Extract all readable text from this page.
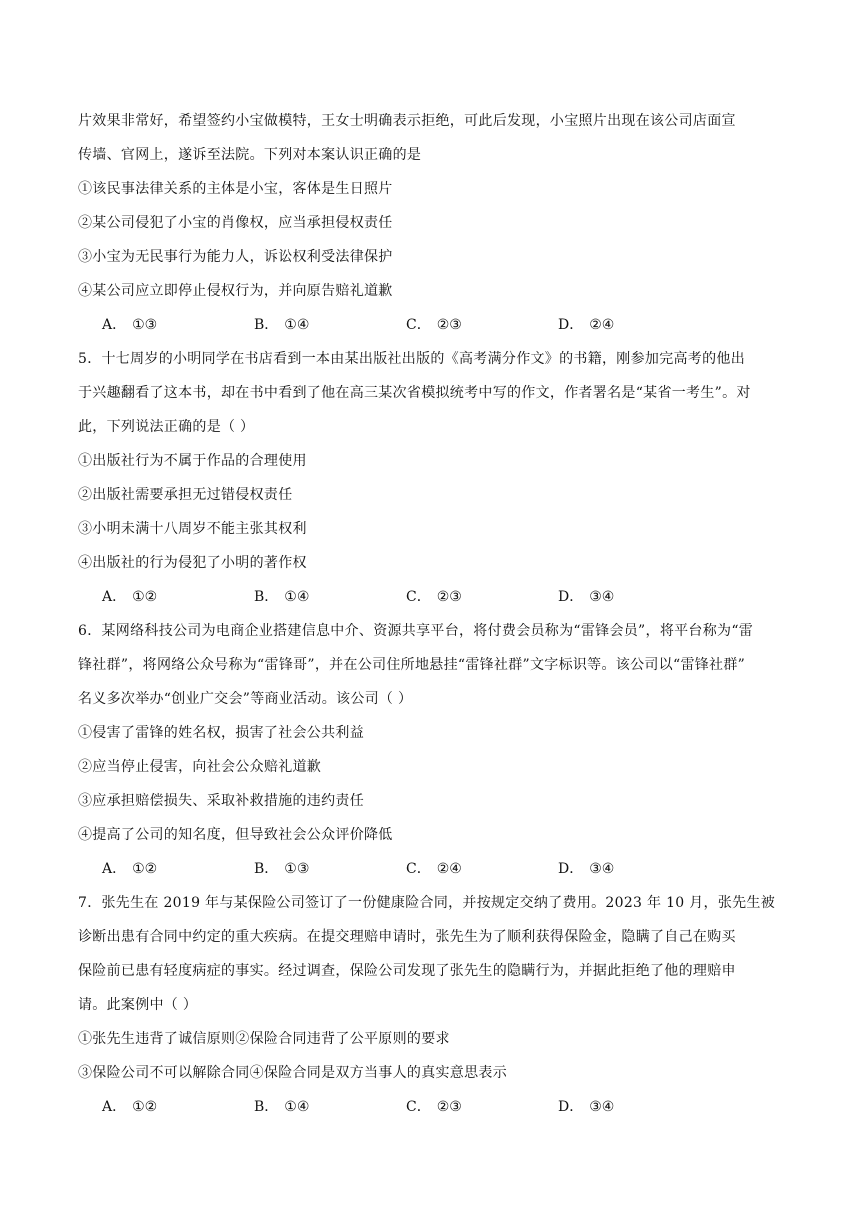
片效果非常好，希望签约小宝做模特，王女士明确表示拒绝，可此后发现，小宝照片出现在该公司店面宣
传墙、官网上，遂诉至法院。下列对本案认识正确的是
①该民事法律关系的主体是小宝，客体是生日照片
②某公司侵犯了小宝的肖像权，应当承担侵权责任
③小宝为无民事行为能力人，诉讼权利受法律保护
④某公司应立即停止侵权行为，并向原告赔礼道歉
A． ①③	B． ①④	C． ②③	D． ②④
5．十七周岁的小明同学在书店看到一本由某出版社出版的《高考满分作文》的书籍，刚参加完高考的他出
于兴趣翻看了这本书，却在书中看到了他在高三某次省模拟统考中写的作文，作者署名是“某省一考生”。对
此，下列说法正确的是（ ）
①出版社行为不属于作品的合理使用
②出版社需要承担无过错侵权责任
③小明未满十八周岁不能主张其权利
④出版社的行为侵犯了小明的著作权
A． ①②	B． ①④	C． ②③	D． ③④
6．某网络科技公司为电商企业搭建信息中介、资源共享平台，将付费会员称为“雷锋会员”，将平台称为“雷
锋社群”，将网络公众号称为“雷锋哥”，并在公司住所地悬挂“雷锋社群”文字标识等。该公司以“雷锋社群”
名义多次举办“创业广交会”等商业活动。该公司（ ）
①侵害了雷锋的姓名权，损害了社会公共利益
②应当停止侵害，向社会公众赔礼道歉
③应承担赔偿损失、采取补救措施的违约责任
④提高了公司的知名度，但导致社会公众评价降低
A． ①②	B． ①③	C． ②④	D． ③④
7．张先生在 2019 年与某保险公司签订了一份健康险合同，并按规定交纳了费用。2023 年 10 月，张先生被
诊断出患有合同中约定的重大疾病。在提交理赔申请时，张先生为了顺利获得保险金，隐瞒了自己在购买
保险前已患有轻度病症的事实。经过调查，保险公司发现了张先生的隐瞒行为，并据此拒绝了他的理赔申
请。此案例中（ ）
①张先生违背了诚信原则②保险合同违背了公平原则的要求
③保险公司不可以解除合同④保险合同是双方当事人的真实意思表示
A． ①②	B． ①④	C． ②③	D． ③④
